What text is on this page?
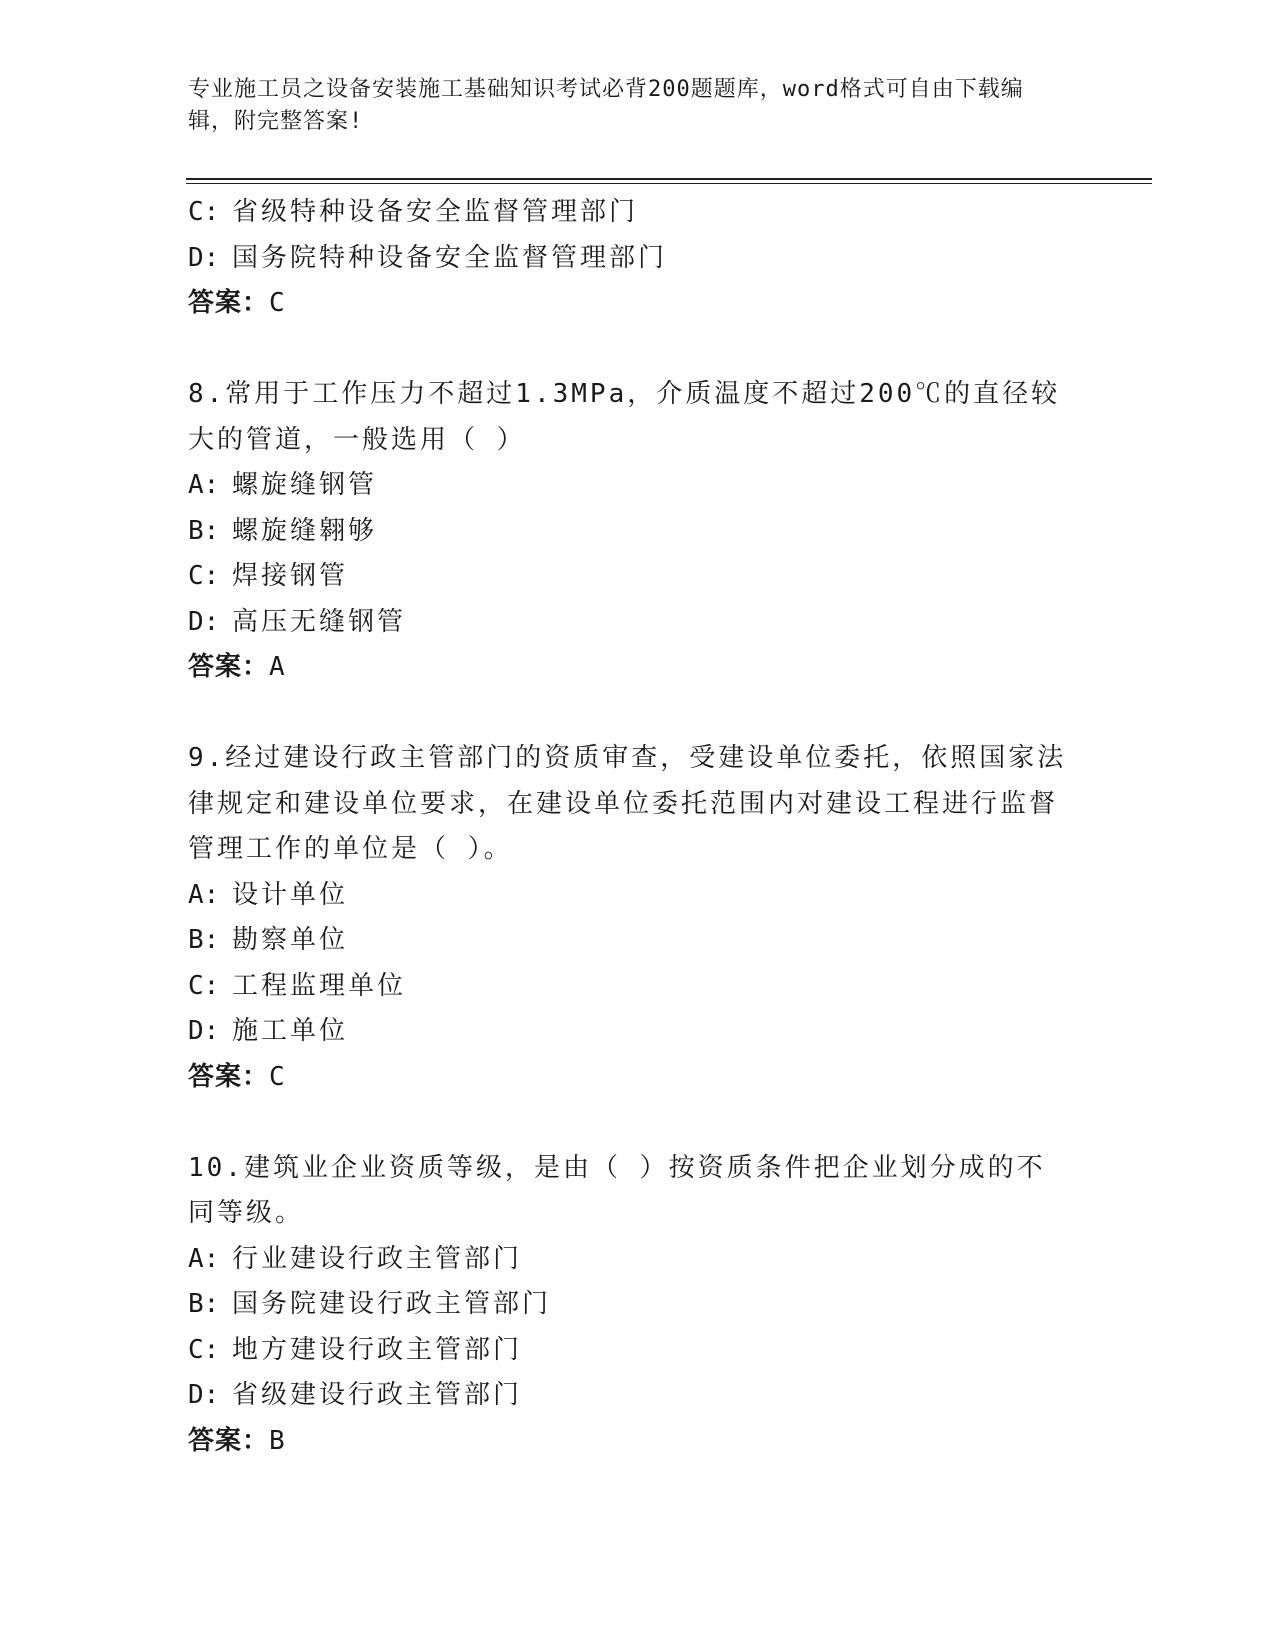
专业施工员之设备安装施工基础知识考试必背200题题库，word格式可自由下载编辑，附完整答案!
C: 省级特种设备安全监督管理部门
D: 国务院特种设备安全监督管理部门
答案：C
8.常用于工作压力不超过1.3MPa，介质温度不超过200℃的直径较大的管道，一般选用（ ）
A: 螺旋缝钢管
B: 螺旋缝翱够
C: 焊接钢管
D: 高压无缝钢管
答案：A
9.经过建设行政主管部门的资质审查，受建设单位委托，依照国家法律规定和建设单位要求，在建设单位委托范围内对建设工程进行监督管理工作的单位是（ ）。
A: 设计单位
B: 勘察单位
C: 工程监理单位
D: 施工单位
答案：C
10.建筑业企业资质等级，是由（ ）按资质条件把企业划分成的不同等级。
A: 行业建设行政主管部门
B: 国务院建设行政主管部门
C: 地方建设行政主管部门
D: 省级建设行政主管部门
答案：B
